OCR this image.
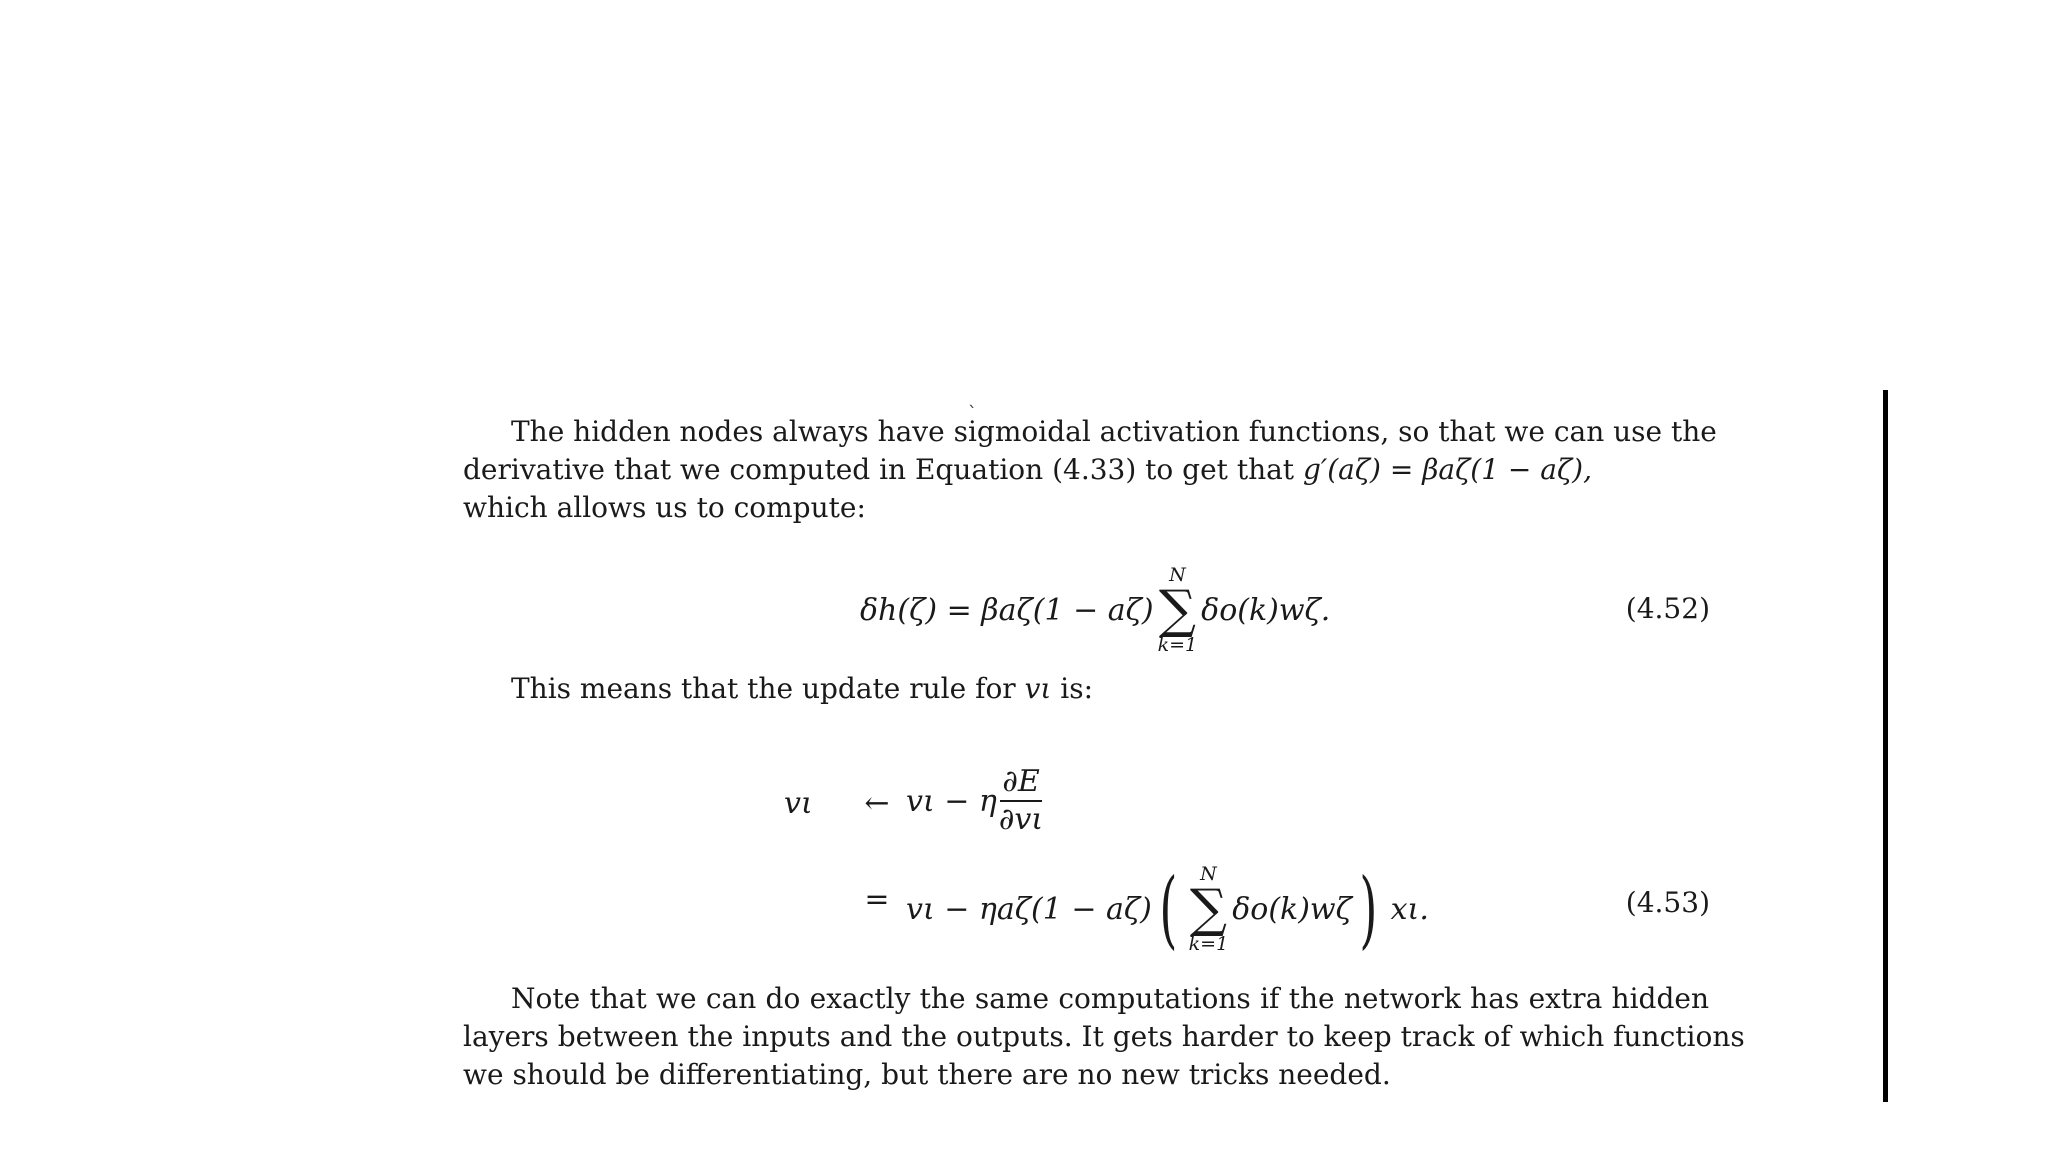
ˎ
The hidden nodes always have sigmoidal activation functions, so that we can use the
derivative that we computed in Equation (4.33) to get that g′(aζ) = βaζ(1 − aζ),
which allows us to compute:
δh(ζ) = βaζ(1 − aζ)
N
∑
k=1
δo(k)wζ.	(4.52)
This means that the update rule for vι is:
vι	← vι − η $\frac{\partial E}{\partial v\iota}$
= vι − ηaζ(1 − aζ) ( N
∑
k=1
δo(k)wζ ) xι.	(4.53)
Note that we can do exactly the same computations if the network has extra hidden
layers between the inputs and the outputs. It gets harder to keep track of which functions
we should be differentiating, but there are no new tricks needed.
